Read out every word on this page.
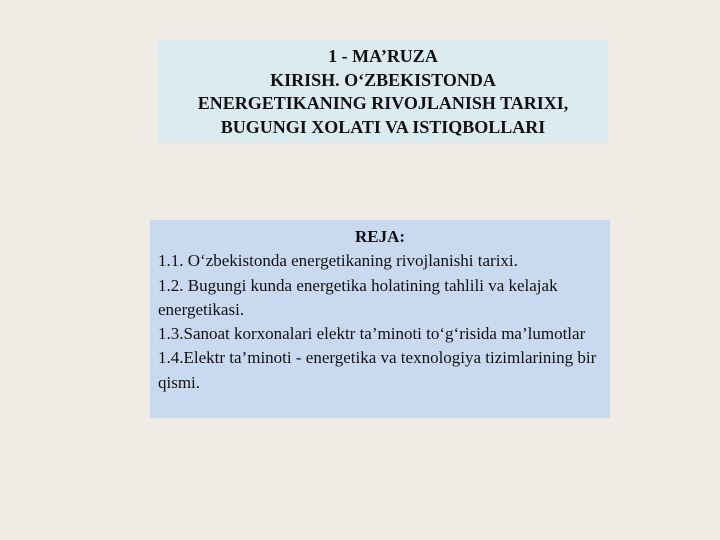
1 - MA’RUZA
KIRISH. O‘ZBEKISTONDA
ENERGETIKANING RIVOJLANISH TARIXI,
BUGUNGI XOLATI VA ISTIQBOLLARI
REJA:
1.1. O‘zbekistonda energetikaning rivojlanishi tarixi.
1.2. Bugungi kunda energetika holatining tahlili va kelajak energetikasi.
1.3.Sanoat korxonalari elektr ta’minoti to‘g‘risida ma’lumotlar
1.4.Elektr ta’minoti - energetika va texnologiya tizimlarining bir qismi.
